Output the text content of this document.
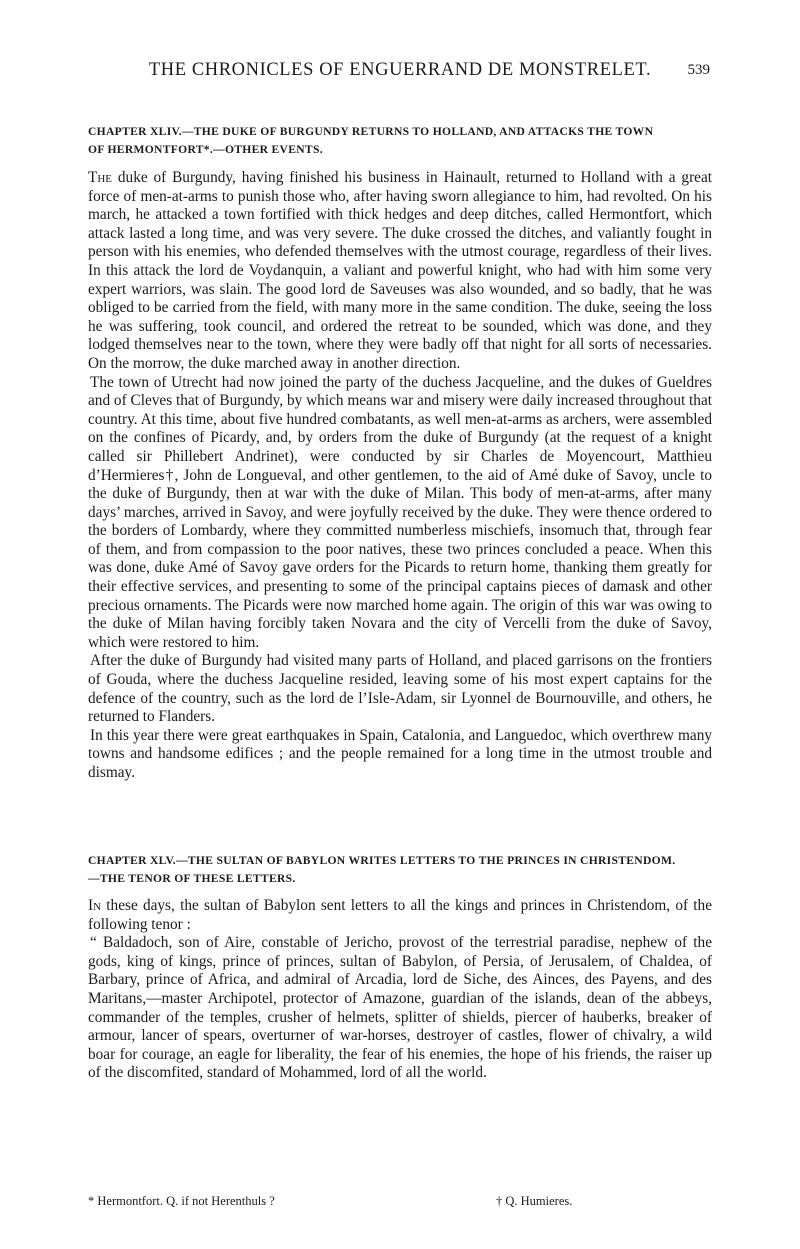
THE CHRONICLES OF ENGUERRAND DE MONSTRELET.	539
CHAPTER XLIV.—THE DUKE OF BURGUNDY RETURNS TO HOLLAND, AND ATTACKS THE TOWN
OF HERMONTFORT*.—OTHER EVENTS.

The duke of Burgundy, having finished his business in Hainault, returned to Holland with a great force of men-at-arms to punish those who, after having sworn allegiance to him, had revolted. On his march, he attacked a town fortified with thick hedges and deep ditches, called Hermontfort, which attack lasted a long time, and was very severe. The duke crossed the ditches, and valiantly fought in person with his enemies, who defended themselves with the utmost courage, regardless of their lives. In this attack the lord de Voydanquin, a valiant and powerful knight, who had with him some very expert warriors, was slain. The good lord de Saveuses was also wounded, and so badly, that he was obliged to be carried from the field, with many more in the same condition. The duke, seeing the loss he was suffering, took council, and ordered the retreat to be sounded, which was done, and they lodged themselves near to the town, where they were badly off that night for all sorts of necessaries. On the morrow, the duke marched away in another direction.

The town of Utrecht had now joined the party of the duchess Jacqueline, and the dukes of Gueldres and of Cleves that of Burgundy, by which means war and misery were daily increased throughout that country. At this time, about five hundred combatants, as well men-at-arms as archers, were assembled on the confines of Picardy, and, by orders from the duke of Burgundy (at the request of a knight called sir Phillebert Andrinet), were conducted by sir Charles de Moyencourt, Matthieu d’Hermieres†, John de Longueval, and other gentlemen, to the aid of Amé duke of Savoy, uncle to the duke of Burgundy, then at war with the duke of Milan. This body of men-at-arms, after many days’ marches, arrived in Savoy, and were joyfully received by the duke. They were thence ordered to the borders of Lombardy, where they committed numberless mischiefs, insomuch that, through fear of them, and from compassion to the poor natives, these two princes concluded a peace. When this was done, duke Amé of Savoy gave orders for the Picards to return home, thanking them greatly for their effective services, and presenting to some of the principal captains pieces of damask and other precious ornaments. The Picards were now marched home again. The origin of this war was owing to the duke of Milan having forcibly taken Novara and the city of Vercelli from the duke of Savoy, which were restored to him.

After the duke of Burgundy had visited many parts of Holland, and placed garrisons on the frontiers of Gouda, where the duchess Jacqueline resided, leaving some of his most expert captains for the defence of the country, such as the lord de l’Isle-Adam, sir Lyonnel de Bournouville, and others, he returned to Flanders.

In this year there were great earthquakes in Spain, Catalonia, and Languedoc, which overthrew many towns and handsome edifices ; and the people remained for a long time in the utmost trouble and dismay.

CHAPTER XLV.—THE SULTAN OF BABYLON WRITES LETTERS TO THE PRINCES IN CHRISTENDOM.
—THE TENOR OF THESE LETTERS.

In these days, the sultan of Babylon sent letters to all the kings and princes in Christendom, of the following tenor :

“ Baldadoch, son of Aire, constable of Jericho, provost of the terrestrial paradise, nephew of the gods, king of kings, prince of princes, sultan of Babylon, of Persia, of Jerusalem, of Chaldea, of Barbary, prince of Africa, and admiral of Arcadia, lord de Siche, des Ainces, des Payens, and des Maritans,—master Archipotel, protector of Amazone, guardian of the islands, dean of the abbeys, commander of the temples, crusher of helmets, splitter of shields, piercer of hauberks, breaker of armour, lancer of spears, overturner of war-horses, destroyer of castles, flower of chivalry, a wild boar for courage, an eagle for liberality, the fear of his enemies, the hope of his friends, the raiser up of the discomfited, standard of Mohammed, lord of all the world.

* Hermontfort. Q. if not Herenthuls ?	† Q. Humieres.
